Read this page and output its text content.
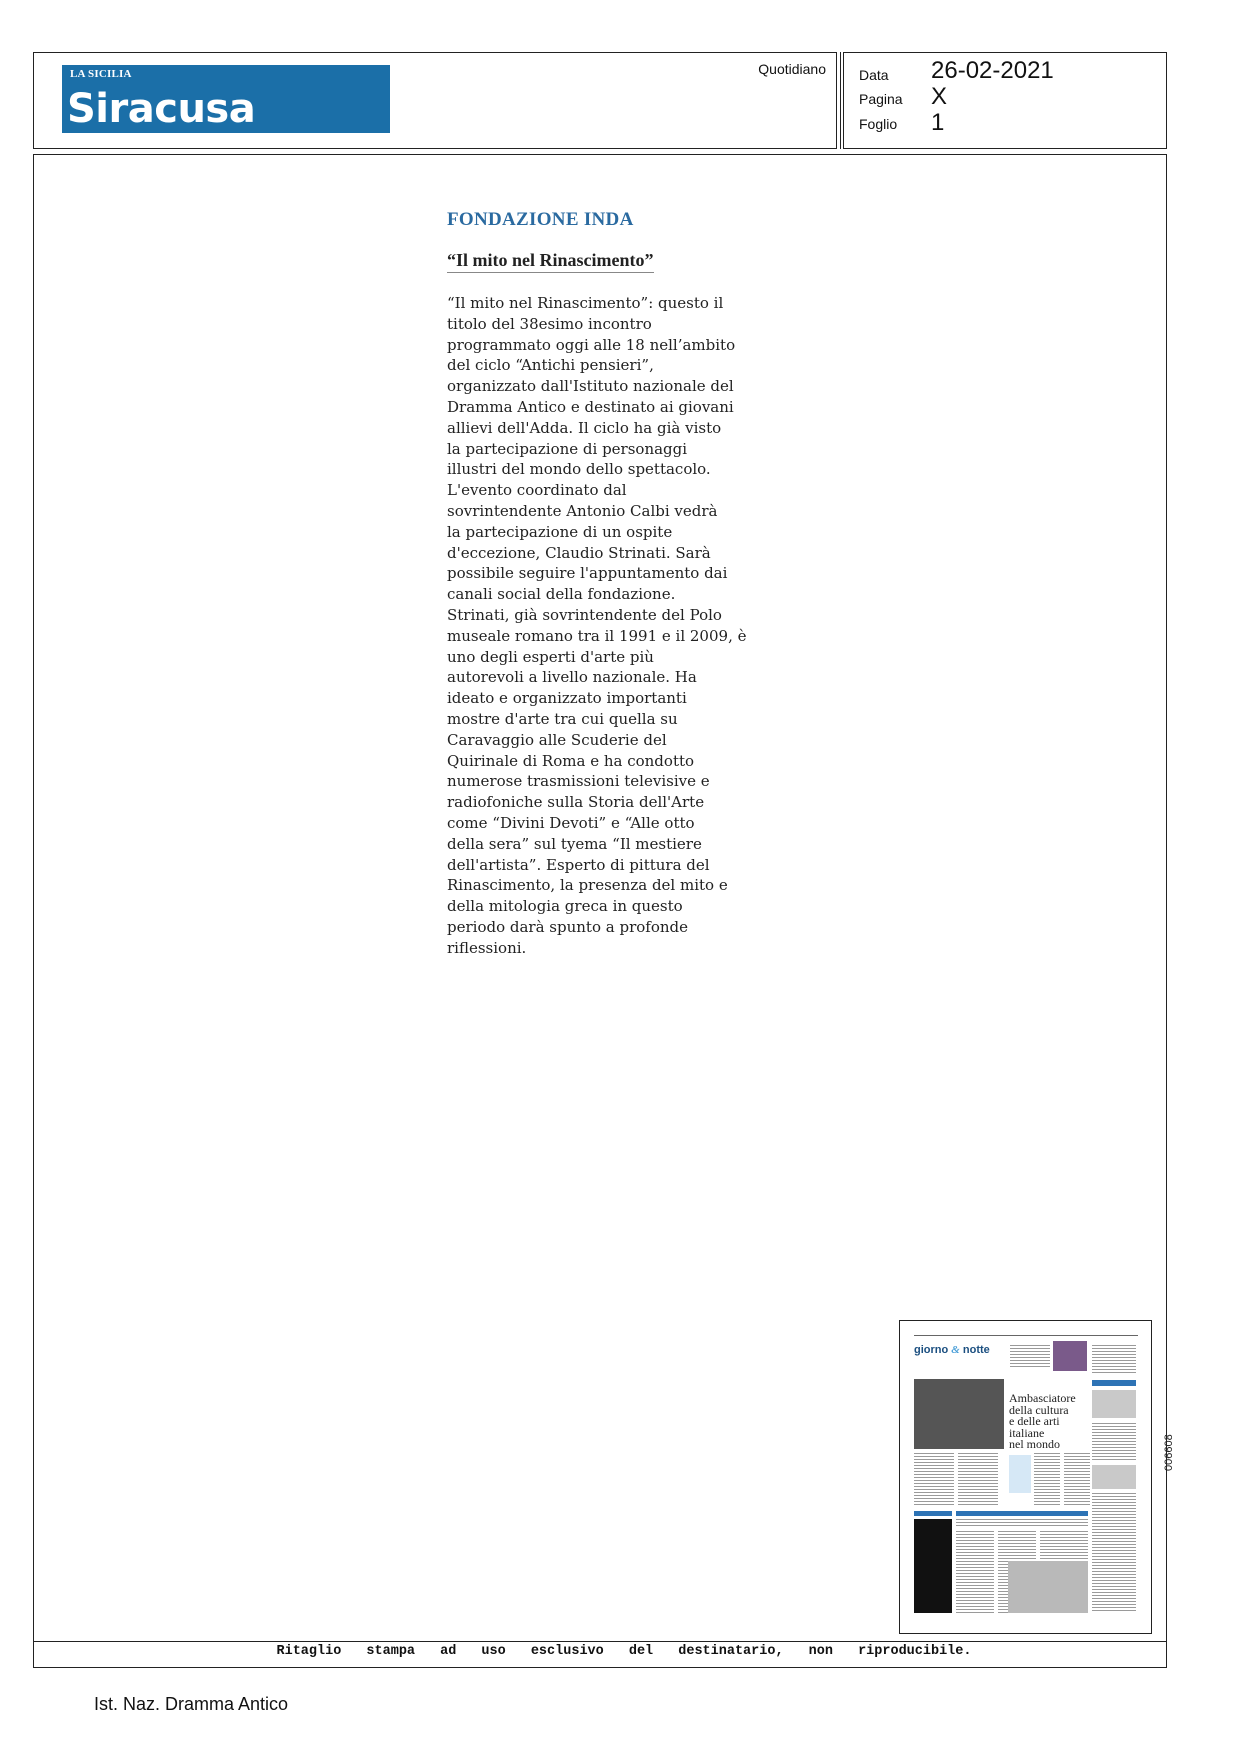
LA SICILIA
Siracusa
Quotidiano Data 26-02-2021
Pagina X
Foglio 1
FONDAZIONE INDA
“Il mito nel Rinascimento”

“Il mito nel Rinascimento”: questo il
titolo del 38esimo incontro
programmato oggi alle 18 nell’ambito
del ciclo “Antichi pensieri”,
organizzato dall'Istituto nazionale del
Dramma Antico e destinato ai giovani
allievi dell'Adda. Il ciclo ha già visto
la partecipazione di personaggi
illustri del mondo dello spettacolo.
L'evento coordinato dal
sovrintendente Antonio Calbi vedrà
la partecipazione di un ospite
d'eccezione, Claudio Strinati. Sarà
possibile seguire l'appuntamento dai
canali social della fondazione.
Strinati, già sovrintendente del Polo
museale romano tra il 1991 e il 2009, è
uno degli esperti d'arte più
autorevoli a livello nazionale. Ha
ideato e organizzato importanti
mostre d'arte tra cui quella su
Caravaggio alle Scuderie del
Quirinale di Roma e ha condotto
numerose trasmissioni televisive e
radiofoniche sulla Storia dell'Arte
come “Divini Devoti” e “Alle otto
della sera” sul tyema “Il mestiere
dell'artista”. Esperto di pittura del
Rinascimento, la presenza del mito e
della mitologia greca in questo
periodo darà spunto a profonde
riflessioni.

giorno & notte
Ambasciatore
della cultura
e delle arti
italiane
nel mondo	006608
Ritaglio stampa ad uso esclusivo del destinatario, non riproducibile.
Ist. Naz. Dramma Antico
